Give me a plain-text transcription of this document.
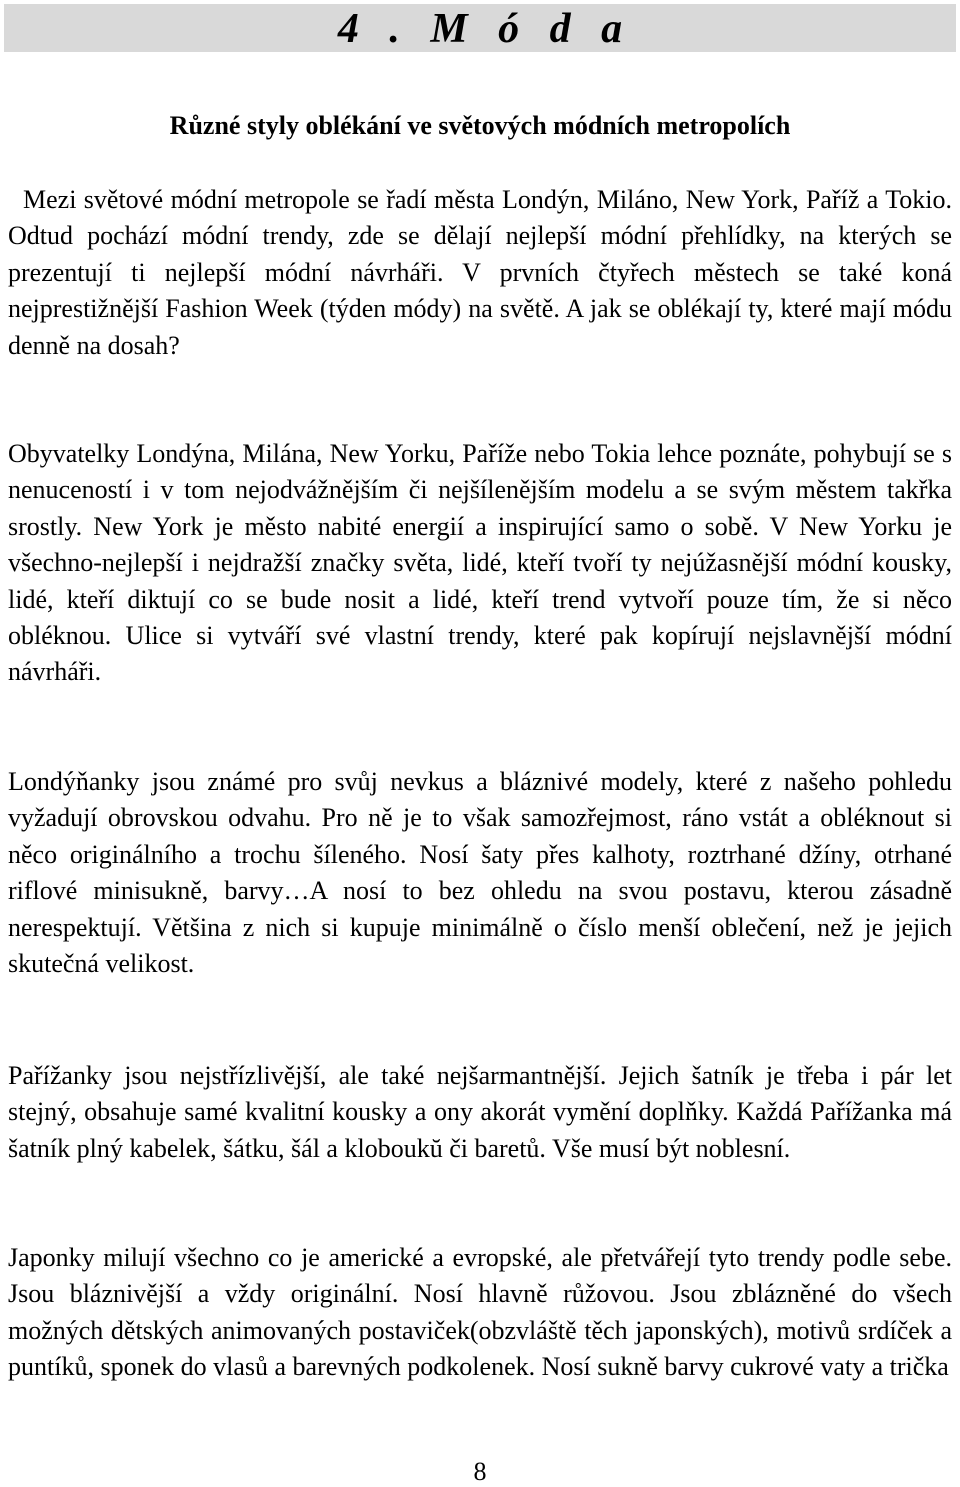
4 . M ó d a
Různé styly oblékání ve světových módních metropolích

Mezi světové módní metropole se řadí města Londýn, Miláno, New York, Paříž a Tokio. Odtud pochází módní trendy, zde se dělají nejlepší módní přehlídky, na kterých se prezentují ti nejlepší módní návrháři. V prvních čtyřech městech se také koná nejprestižnější Fashion Week (týden módy) na světě. A jak se oblékají ty, které mají módu denně na dosah?

Obyvatelky Londýna, Milána, New Yorku, Paříže nebo Tokia lehce poznáte, pohybují se s nenuceností i v tom nejodvážnějším či nejšílenějším modelu a se svým městem takřka srostly. New York je město nabité energií a inspirující samo o sobě. V New Yorku je všechno-nejlepší i nejdražší značky světa, lidé, kteří tvoří ty nejúžasnější módní kousky, lidé, kteří diktují co se bude nosit a lidé, kteří trend vytvoří pouze tím, že si něco obléknou. Ulice si vytváří své vlastní trendy, které pak kopírují nejslavnější módní návrháři.

Londýňanky jsou známé pro svůj nevkus a bláznivé modely, které z našeho pohledu vyžadují obrovskou odvahu. Pro ně je to však samozřejmost, ráno vstát a obléknout si něco originálního a trochu šíleného. Nosí šaty přes kalhoty, roztrhané džíny, otrhané riflové minisukně, barvy…A nosí to bez ohledu na svou postavu, kterou zásadně nerespektují. Většina z nich si kupuje minimálně o číslo menší oblečení, než je jejich skutečná velikost.

Pařížanky jsou nejstřízlivější, ale také nejšarmantnější. Jejich šatník je třeba i pár let stejný, obsahuje samé kvalitní kousky a ony akorát vymění doplňky. Každá Pařížanka má šatník plný kabelek, šátku, šál a kloboukŭ či baretů. Vše musí být noblesní.

Japonky milují všechno co je americké a evropské, ale přetvářejí tyto trendy podle sebe. Jsou bláznivější a vždy originální. Nosí hlavně růžovou. Jsou zblázněné do všech možných dětských animovaných postaviček(obzvláště těch japonských), motivů srdíček a puntíků, sponek do vlasů a barevných podkolenek. Nosí sukně barvy cukrové vaty a trička

8
